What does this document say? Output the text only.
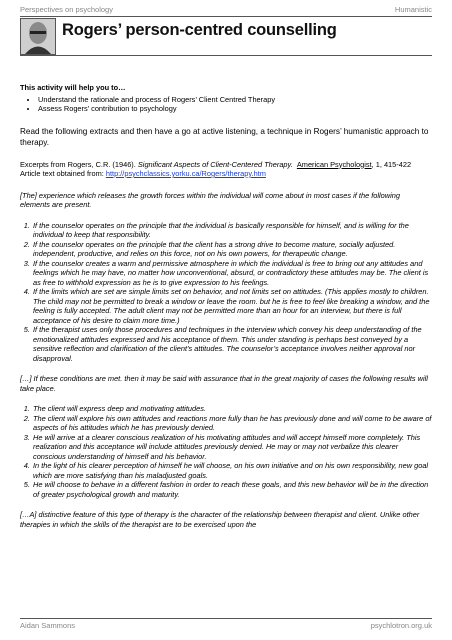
Perspectives on psychology	Humanistic
Rogers’ person-centred counselling
This activity will help you to…
• Understand the rationale and process of Rogers’ Client Centred Therapy
• Assess Rogers’ contribution to psychology

Read the following extracts and then have a go at active listening, a technique in Rogers’ humanistic approach to therapy.

Excerpts from Rogers, C.R. (1946). Significant Aspects of Client-Centered Therapy. American Psychologist, 1, 415-422

Article text obtained from: http://psychclassics.yorku.ca/Rogers/therapy.htm

[The] experience which releases the growth forces within the individual will come about in most cases if the following elements are present.

1. If the counselor operates on the principle that the individual is basically responsible for himself, and is willing for the individual to keep that responsibility.
2. If the counselor operates on the principle that the client has a strong drive to become mature, socially adjusted. independent, productive, and relies on this force, not on his own powers, for therapeutic change.
3. If the counselor creates a warm and permissive atmosphere in which the individual is free to bring out any attitudes and feelings which he may have, no matter how unconventional, absurd, or contradictory these attitudes may be. The client is as free to withhold expression as he is to give expression to his feelings.
4. If the limits which are set are simple limits set on behavior, and not limits set on attitudes. (This applies mostly to children. The child may not be permitted to break a window or leave the room. but he is free to feel like breaking a window, and the feeling is fully accepted. The adult client may not be permitted more than an hour for an interview, but there is full acceptance of his desire to claim more time.)
5. If the therapist uses only those procedures and techniques in the interview which convey his deep understanding of the emotionalized attitudes expressed and his acceptance of them. This under standing is perhaps best conveyed by a sensitive reflection and clarification of the client’s attitudes. The counselor’s acceptance involves neither approval nor disapproval.

[…] If these conditions are met. then it may be said with assurance that in the great majority of cases the following results will take place.

1. The client will express deep and motivating attitudes.
2. The client will explore his own attitudes and reactions more fully than he has previously done and will come to be aware of aspects of his attitudes which he has previously denied.
3. He will arrive at a clearer conscious realization of his motivating attitudes and will accept himself more completely. This realization and this acceptance will include attitudes previously denied. He may or may not verbalize this clearer conscious understanding of himself and his behavior.
4. In the light of his clearer perception of himself he will choose, on his own initiative and on his own responsibility, new goal which are more satisfying than his maladjusted goals.
5. He will choose to behave in a different fashion in order to reach these goals, and this new behavior will be in the direction of greater psychological growth and maturity.

[…A] distinctive feature of this type of therapy is the character of the relationship between therapist and client. Unlike other therapies in which the skills of the therapist are to be exercised upon the

Aidan Sammons	psychlotron.org.uk
